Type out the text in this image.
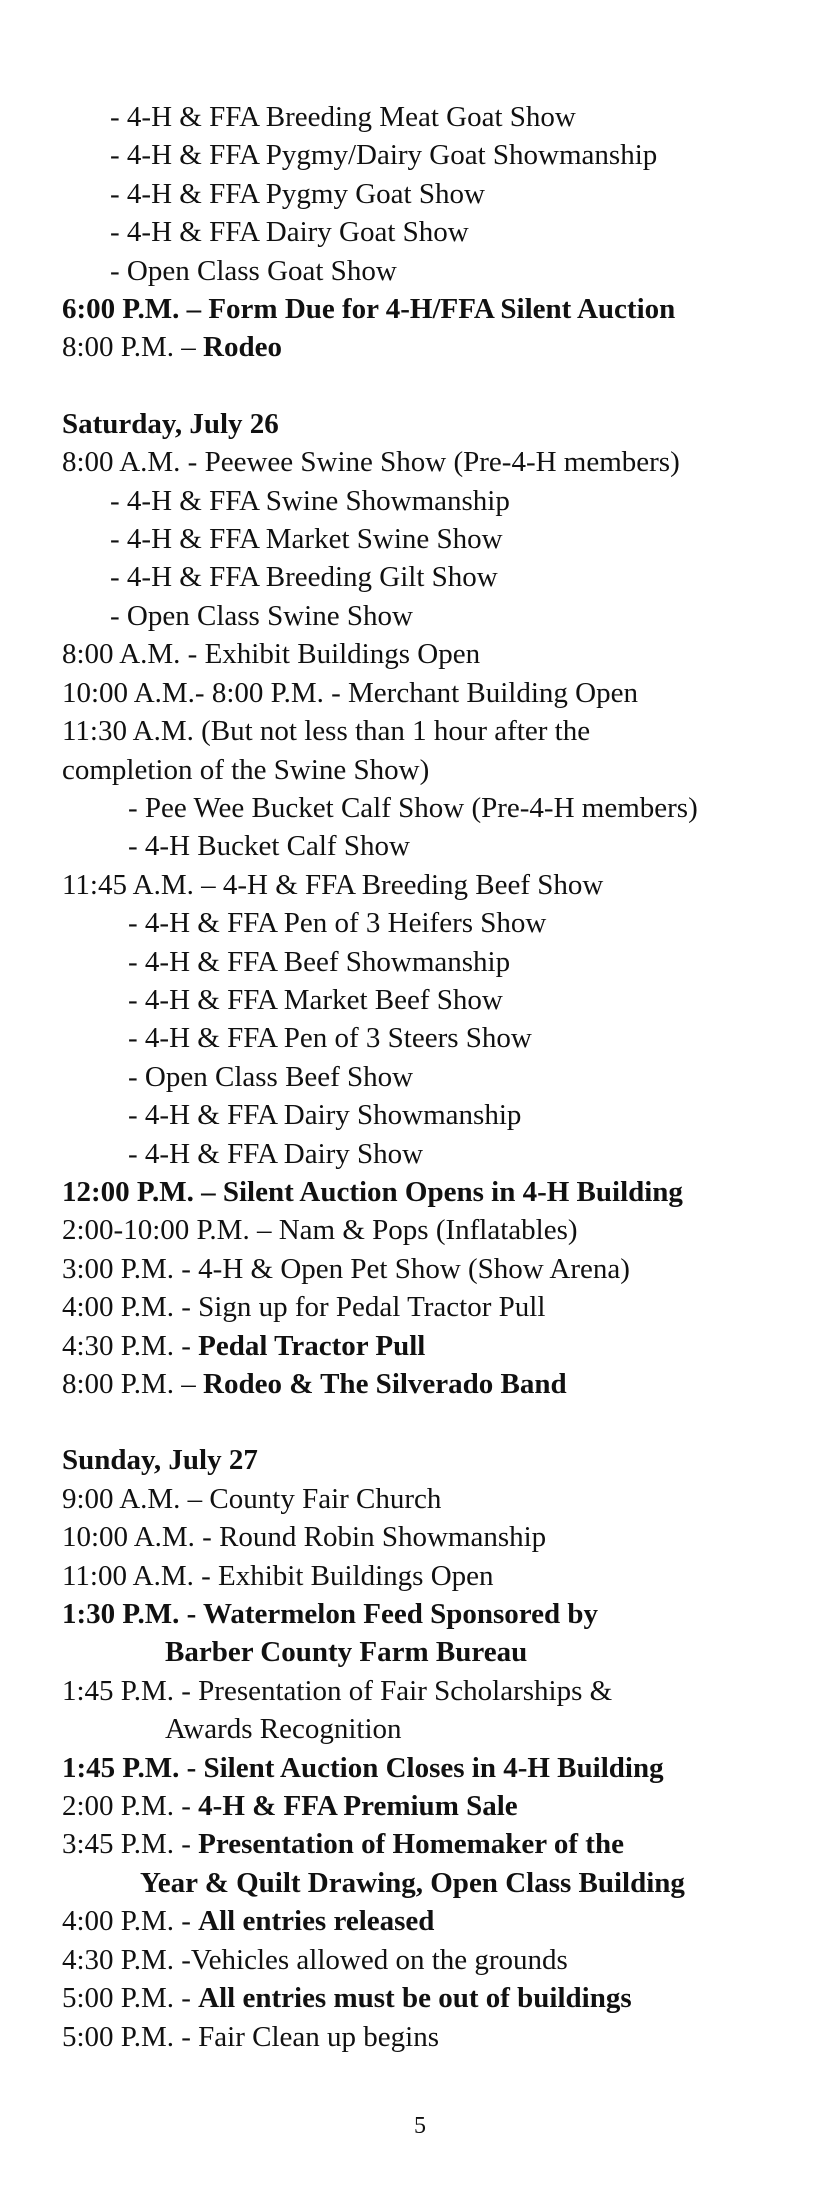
- 4-H & FFA Breeding Meat Goat Show
- 4-H & FFA Pygmy/Dairy Goat Showmanship
- 4-H & FFA Pygmy Goat Show
- 4-H & FFA Dairy Goat Show
- Open Class Goat Show
6:00 P.M. – Form Due for 4-H/FFA Silent Auction
8:00 P.M. – Rodeo
Saturday, July 26
8:00 A.M. - Peewee Swine Show (Pre-4-H members)
- 4-H & FFA Swine Showmanship
- 4-H & FFA Market Swine Show
- 4-H & FFA Breeding Gilt Show
- Open Class Swine Show
8:00 A.M. - Exhibit Buildings Open
10:00 A.M.- 8:00 P.M. - Merchant Building Open
11:30 A.M. (But not less than 1 hour after the
completion of the Swine Show)
- Pee Wee Bucket Calf Show (Pre-4-H members)
- 4-H Bucket Calf Show
11:45 A.M. – 4-H & FFA Breeding Beef Show
- 4-H & FFA Pen of 3 Heifers Show
- 4-H & FFA Beef Showmanship
- 4-H & FFA Market Beef Show
- 4-H & FFA Pen of 3 Steers Show
- Open Class Beef Show
- 4-H & FFA Dairy Showmanship
- 4-H & FFA Dairy Show
12:00 P.M. – Silent Auction Opens in 4-H Building
2:00-10:00 P.M. – Nam & Pops (Inflatables)
3:00 P.M. - 4-H & Open Pet Show (Show Arena)
4:00 P.M. - Sign up for Pedal Tractor Pull
4:30 P.M. - Pedal Tractor Pull
8:00 P.M. – Rodeo & The Silverado Band
Sunday, July 27
9:00 A.M. – County Fair Church
10:00 A.M. - Round Robin Showmanship
11:00 A.M. - Exhibit Buildings Open
1:30 P.M. - Watermelon Feed Sponsored by
Barber County Farm Bureau
1:45 P.M. - Presentation of Fair Scholarships &
Awards Recognition
1:45 P.M. - Silent Auction Closes in 4-H Building
2:00 P.M. - 4-H & FFA Premium Sale
3:45 P.M. - Presentation of Homemaker of the
Year & Quilt Drawing, Open Class Building
4:00 P.M. - All entries released
4:30 P.M. -Vehicles allowed on the grounds
5:00 P.M. - All entries must be out of buildings
5:00 P.M. - Fair Clean up begins
5
